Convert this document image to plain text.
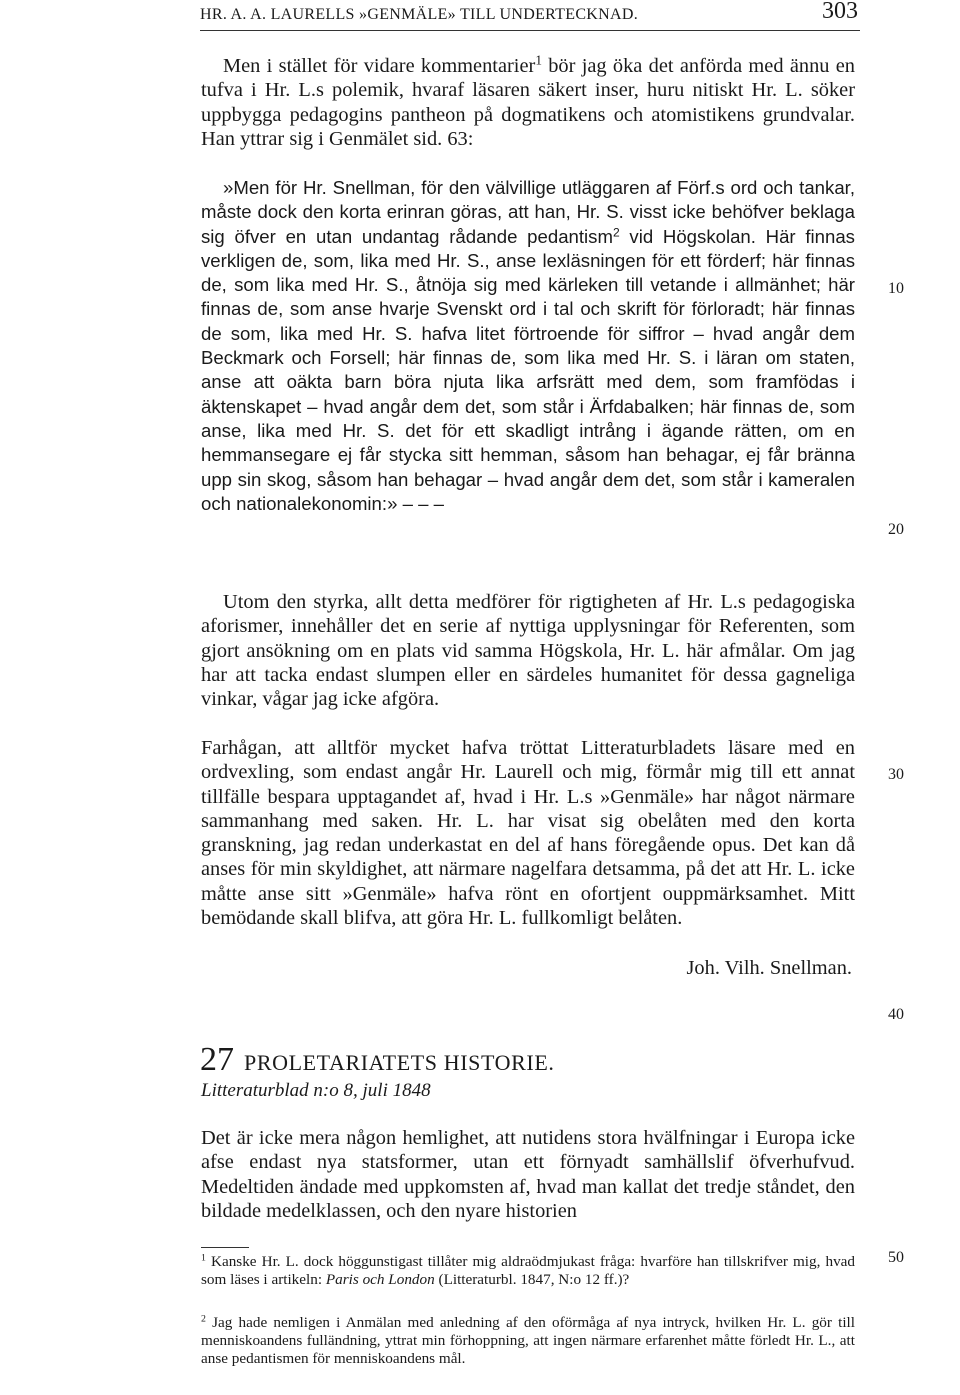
HR. A. A. LAURELLS »GENMÄLE» TILL UNDERTECKNAD.	303

Men i stället för vidare kommentarier$^1$ bör jag öka det anförda med ännu en tufva i Hr. L.s polemik, hvaraf läsaren säkert inser, huru nitiskt Hr. L. söker uppbygga pedagogins pantheon på dogmatikens och atomistikens grundvalar. Han yttrar sig i Genmälet sid. 63:

»Men för Hr. Snellman, för den välvillige utläggaren af Förf.s ord och tankar, måste dock den korta erinran göras, att han, Hr. S. visst icke behöfver beklaga sig öfver en utan undantag rådande pedantism$^2$ vid Högskolan. Här finnas verkligen de, som, lika med Hr. S., anse lexläsningen för ett förderf; här finnas de, som lika med Hr. S., åtnöja sig med kärleken till vetande i allmänhet; här finnas de, som anse hvarje Svenskt ord i tal och skrift för förloradt; här finnas de som, lika med Hr. S. hafva litet förtroende för siffror – hvad angår dem Beckmark och Forsell; här finnas de, som lika med Hr. S. i läran om staten, anse att oäkta barn böra njuta lika arfsrätt med dem, som framfödas i äktenskapet – hvad angår dem det, som står i Ärfdabalken; här finnas de, som anse, lika med Hr. S. det för ett skadligt intrång i ägande rätten, om en hemmansegare ej får stycka sitt hemman, såsom han behagar, ej får bränna upp sin skog, såsom han behagar – hvad angår dem det, som står i kameralen och nationalekonomin:» – – –

Utom den styrka, allt detta medförer för rigtigheten af Hr. L.s pedagogiska aforismer, innehåller det en serie af nyttiga upplysningar för Referenten, som gjort ansökning om en plats vid samma Högskola, Hr. L. här afmålar. Om jag har att tacka endast slumpen eller en särdeles humanitet för dessa gagneliga vinkar, vågar jag icke afgöra.

Farhågan, att alltför mycket hafva tröttat Litteraturbladets läsare med en ordvexling, som endast angår Hr. Laurell och mig, förmår mig till ett annat tillfälle bespara upptagandet af, hvad i Hr. L.s »Genmäle» har något närmare sammanhang med saken. Hr. L. har visat sig obelåten med den korta granskning, jag redan underkastat en del af hans föregående opus. Det kan då anses för min skyldighet, att närmare nagelfara detsamma, på det att Hr. L. icke måtte anse sitt »Genmäle» hafva rönt en ofortjent ouppmärksamhet. Mitt bemödande skall blifva, att göra Hr. L. fullkomligt belåten.

Joh. Vilh. Snellman.
27 PROLETARIATETS HISTORIE.
Litteraturblad n:o 8, juli 1848

Det är icke mera någon hemlighet, att nutidens stora hvälfningar i Europa icke afse endast nya statsformer, utan ett förnyadt samhällslif öfverhufvud. Medeltiden ändade med uppkomsten af, hvad man kallat det tredje ståndet, den bildade medelklassen, och den nyare historien

$^1$ Kanske Hr. L. dock höggunstigast tillåter mig aldraödmjukast fråga: hvarföre han tillskrifver mig, hvad som läses i artikeln: Paris och London (Litteraturbl. 1847, N:o 12 ff.)?

$^2$ Jag hade nemligen i Anmälan med anledning af den oförmåga af nya intryck, hvilken Hr. L. gör till menniskoandens fulländning, yttrat min förhoppning, att ingen närmare erfarenhet måtte förledt Hr. L., att anse pedantismen för menniskoandens mål.

10
20
30
40
50
